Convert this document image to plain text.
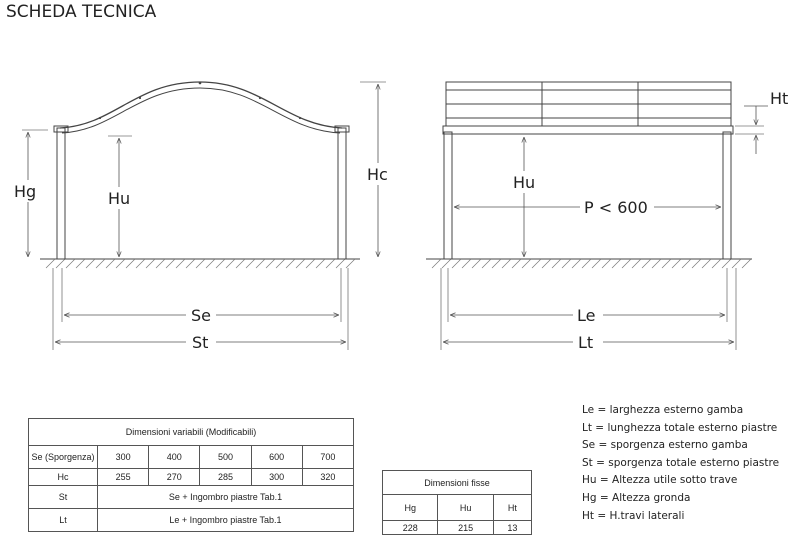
SCHEDA TECNICA
Hg	Hu
Hc
Se
St
Ht
Hu
P < 600
Le
Lt
Dimensioni variabili (Modificabili)					
Se (Sporgenza)	300	400	500	600	700
Hc	255	270	285	300	320
St	Se + Ingombro piastre Tab.1				
Lt	Le + Ingombro piastre Tab.1				
Dimensioni fisse		
Hg	Hu	Ht
228	215	13
Le = larghezza esterno gamba
Lt = lunghezza totale esterno piastre
Se = sporgenza esterno gamba
St = sporgenza totale esterno piastre
Hu = Altezza utile sotto trave
Hg = Altezza gronda
Ht = H.travi laterali
